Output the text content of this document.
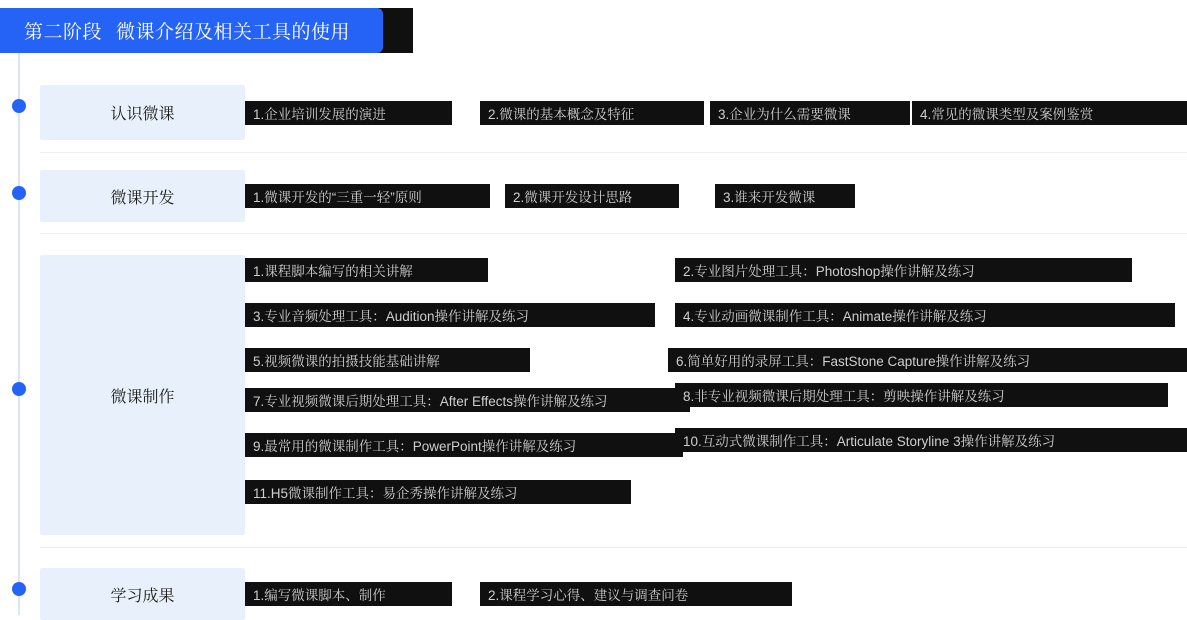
第二阶段 微课介绍及相关工具的使用
认识微课	1.企业培训发展的演进	2.微课的基本概念及特征	3.企业为什么需要微课	4.常见的微课类型及案例鉴赏
微课开发	1.微课开发的“三重一轻”原则	2.微课开发设计思路	3.谁来开发微课
微课制作
1.课程脚本编写的相关讲解	2.专业图片处理工具：Photoshop操作讲解及练习
3.专业音频处理工具：Audition操作讲解及练习	4.专业动画微课制作工具：Animate操作讲解及练习
5.视频微课的拍摄技能基础讲解	6.简单好用的录屏工具：FastStone Capture操作讲解及练习
7.专业视频微课后期处理工具：After Effects操作讲解及练习	8.非专业视频微课后期处理工具：剪映操作讲解及练习
9.最常用的微课制作工具：PowerPoint操作讲解及练习	10.互动式微课制作工具：Articulate Storyline 3操作讲解及练习
11.H5微课制作工具：易企秀操作讲解及练习
学习成果	1.编写微课脚本、制作	2.课程学习心得、建议与调查问卷
